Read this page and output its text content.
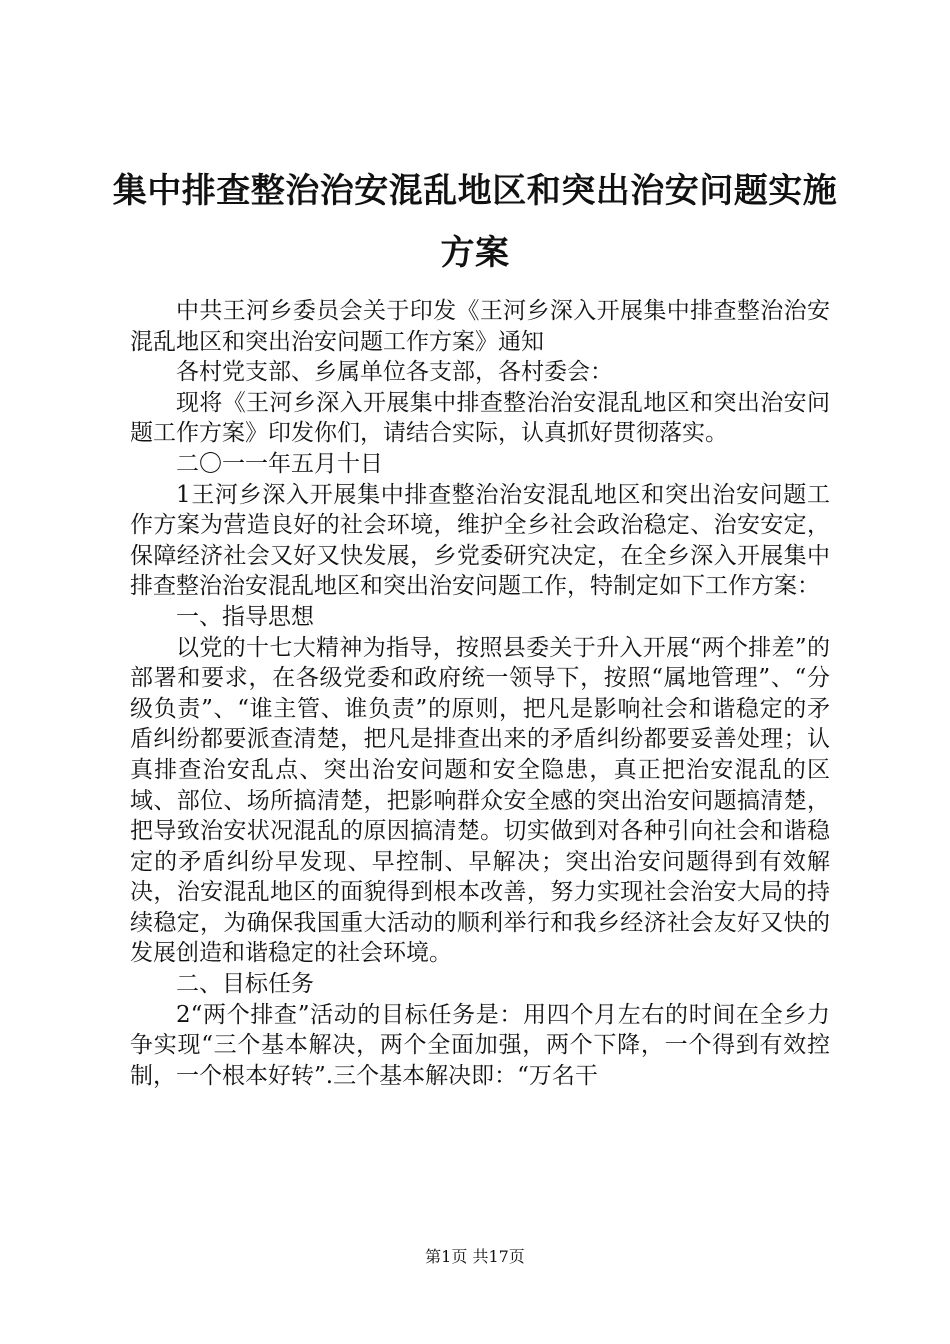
集中排查整治治安混乱地区和突出治安问题实施方案

中共王河乡委员会关于印发《王河乡深入开展集中排查整治治安混乱地区和突出治安问题工作方案》通知

各村党支部、乡属单位各支部，各村委会：

现将《王河乡深入开展集中排查整治治安混乱地区和突出治安问题工作方案》印发你们，请结合实际，认真抓好贯彻落实。

二〇一一年五月十日

1王河乡深入开展集中排查整治治安混乱地区和突出治安问题工作方案为营造良好的社会环境，维护全乡社会政治稳定、治安安定，保障经济社会又好又快发展，乡党委研究决定，在全乡深入开展集中排查整治治安混乱地区和突出治安问题工作，特制定如下工作方案：

一、指导思想

以党的十七大精神为指导，按照县委关于升入开展“两个排差”的部署和要求，在各级党委和政府统一领导下，按照“属地管理”、“分级负责”、“谁主管、谁负责”的原则，把凡是影响社会和谐稳定的矛盾纠纷都要派查清楚，把凡是排查出来的矛盾纠纷都要妥善处理；认真排查治安乱点、突出治安问题和安全隐患，真正把治安混乱的区域、部位、场所搞清楚，把影响群众安全感的突出治安问题搞清楚，把导致治安状况混乱的原因搞清楚。切实做到对各种引向社会和谐稳定的矛盾纠纷早发现、早控制、早解决；突出治安问题得到有效解决，治安混乱地区的面貌得到根本改善，努力实现社会治安大局的持续稳定，为确保我国重大活动的顺利举行和我乡经济社会友好又快的发展创造和谐稳定的社会环境。

二、目标任务

2“两个排查”活动的目标任务是：用四个月左右的时间在全乡力争实现“三个基本解决，两个全面加强，两个下降，一个得到有效控制，一个根本好转”.三个基本解决即：“万名干

第1页 共17页
